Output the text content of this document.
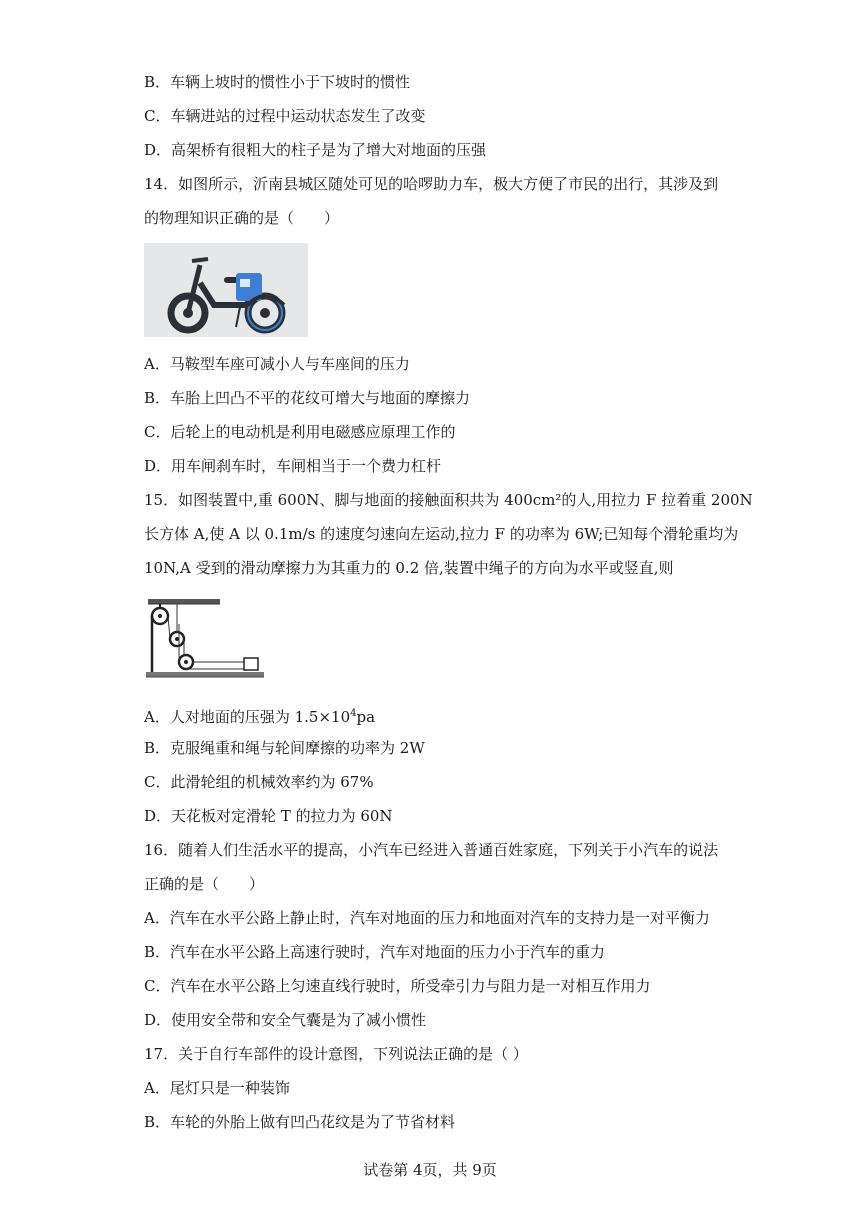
B．车辆上坡时的惯性小于下坡时的惯性
C．车辆进站的过程中运动状态发生了改变
D．高架桥有很粗大的柱子是为了增大对地面的压强
14．如图所示，沂南县城区随处可见的哈啰助力车，极大方便了市民的出行，其涉及到
的物理知识正确的是（　　）
A．马鞍型车座可减小人与车座间的压力
B．车胎上凹凸不平的花纹可增大与地面的摩擦力
C．后轮上的电动机是利用电磁感应原理工作的
D．用车闸刹车时，车闸相当于一个费力杠杆
15．如图装置中,重 600N、脚与地面的接触面积共为 400cm²的人,用拉力 F 拉着重 200N
长方体 A,使 A 以 0.1m/s 的速度匀速向左运动,拉力 F 的功率为 6W;已知每个滑轮重均为
10N,A 受到的滑动摩擦力为其重力的 0.2 倍,装置中绳子的方向为水平或竖直,则
A．人对地面的压强为 $1.5\times 10^4pa$
B．克服绳重和绳与轮间摩擦的功率为 2W
C．此滑轮组的机械效率约为 67%
D．天花板对定滑轮 T 的拉力为 60N
16．随着人们生活水平的提高，小汽车已经进入普通百姓家庭，下列关于小汽车的说法
正确的是（　　）
A．汽车在水平公路上静止时，汽车对地面的压力和地面对汽车的支持力是一对平衡力
B．汽车在水平公路上高速行驶时，汽车对地面的压力小于汽车的重力
C．汽车在水平公路上匀速直线行驶时，所受牵引力与阻力是一对相互作用力
D．使用安全带和安全气囊是为了减小惯性
17．关于自行车部件的设计意图，下列说法正确的是（ ）
A．尾灯只是一种装饰
B．车轮的外胎上做有凹凸花纹是为了节省材料
试卷第 4页，共 9页
